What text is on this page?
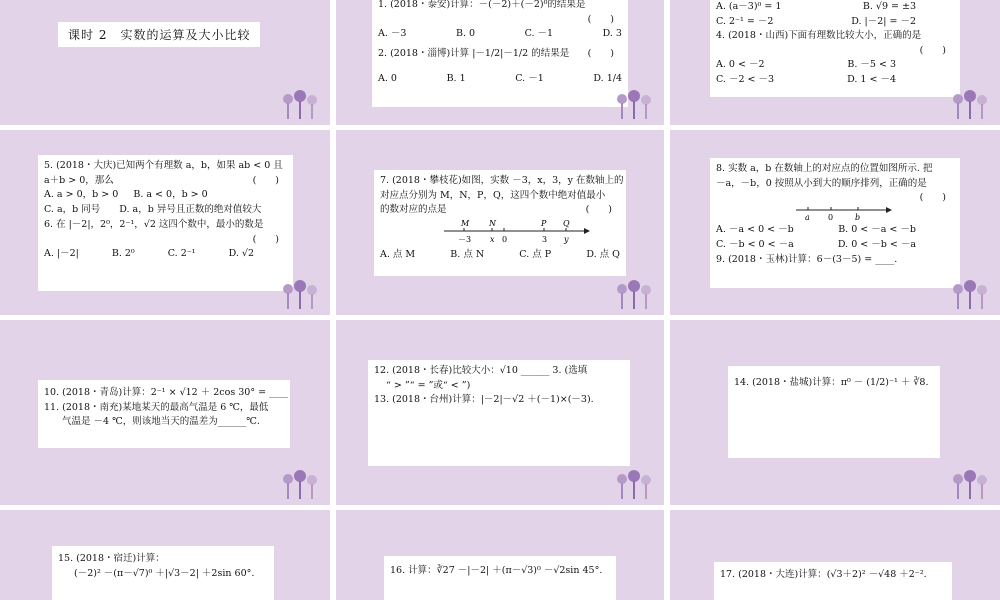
课时 2　实数的运算及大小比较
1. (2018・泰安)计算：－(－2)＋(－2)⁰的结果是
(　　)
A. －3	B. 0	C. －1	D. 3
2. (2018・淄博)计算 |－1/2|－1/2 的结果是 (　　)
A. 0	B. 1	C. －1	D. 1/4
A. (a－3)⁰ = 1	B. √9 = ±3
C. 2⁻¹ = －2	D. |－2| = －2
4. (2018・山西)下面有理数比较大小，正确的是
(　　)
A. 0 < －2	B. －5 < 3
C. －2 < －3	D. 1 < －4
5. (2018・大庆)已知两个有理数 a，b，如果 ab < 0 且
a＋b > 0，那么	(　　)
A. a > 0，b > 0 B. a < 0，b > 0
C. a，b 同号　　D. a，b 异号且正数的绝对值较大
6. 在 |－2|，2⁰，2⁻¹，√2 这四个数中，最小的数是
(　　)
A. |－2|	B. 2⁰	C. 2⁻¹	D. √2
7. (2018・攀枝花)如图，实数 －3，x，3，y 在数轴上的
对应点分别为 M，N，P，Q，这四个数中绝对值最小
的数对应的点是	(　　)
M N	P Q
－3 x 0	3 y
A. 点 M	B. 点 N	C. 点 P	D. 点 Q
8. 实数 a，b 在数轴上的对应点的位置如图所示. 把
－a，－b，0 按照从小到大的顺序排列，正确的是
(　　)
a 0	b
A. －a < 0 < －b	B. 0 < －a < －b
C. －b < 0 < －a	D. 0 < －b < －a
9. (2018・玉林)计算：6－(3－5) = ____.
10. (2018・青岛)计算：2⁻¹ × √12 ＋ 2cos 30° = ____
11. (2018・南充)某地某天的最高气温是 6 ℃，最低
气温是 －4 ℃，则该地当天的温差为______℃.
12. (2018・长春)比较大小：√10 ______ 3. (选填
“ > ”“ = ”或“ < ”)
13. (2018・台州)计算：|－2|－√2 ＋(－1)×(－3).
14. (2018・盐城)计算：π⁰ － (1/2)⁻¹ ＋ ∛8.
15. (2018・宿迁)计算：
(－2)² －(π－√7)⁰ ＋|√3－2| ＋2sin 60°.	16. 计算：∛27 －|－2| ＋(π－√3)⁰ －√2sin 45°.	17. (2018・大连)计算：(√3＋2)² －√48 ＋2⁻².
